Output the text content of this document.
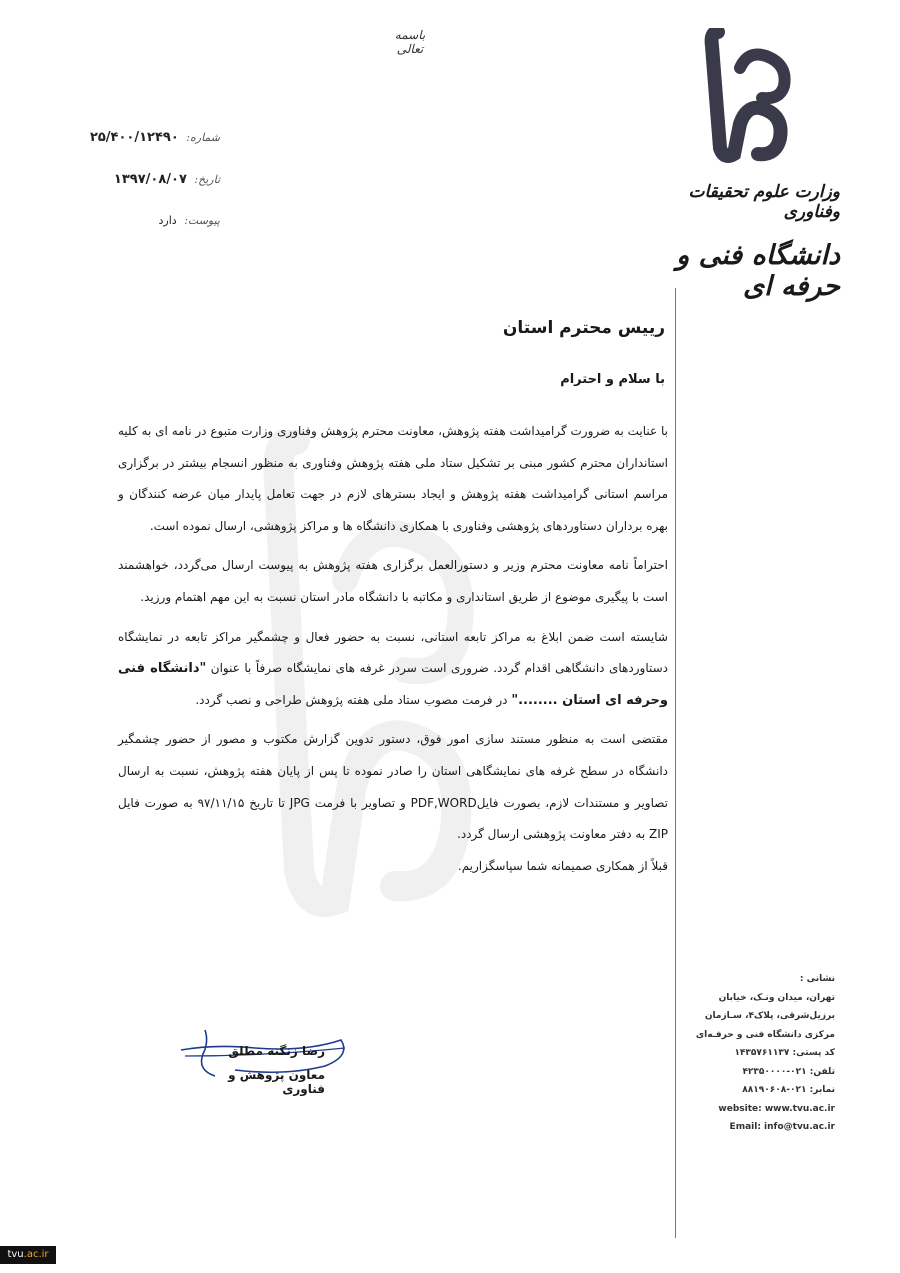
باسمه تعالی
شماره: ۲۵/۴۰۰/۱۲۴۹۰
تاریخ: ۱۳۹۷/۰۸/۰۷
پیوست: دارد
وزارت علوم تحقیقات وفناوری
دانشگاه فنی و حرفه ای
رییس محترم استان
با سلام و احترام

با عنایت به ضرورت گرامیداشت هفته پژوهش، معاونت محترم پژوهش وفناوری وزارت متبوع در نامه ای به کلیه استانداران محترم کشور مبنی بر تشکیل ستاد ملی هفته پژوهش وفناوری به منظور انسجام بیشتر در برگزاری مراسم استانی گرامیداشت هفته پژوهش و ایجاد بسترهای لازم در جهت تعامل پایدار میان عرضه کنندگان و بهره برداران دستاوردهای پژوهشی وفناوری با همکاری دانشگاه ها و مراکز پژوهشی، ارسال نموده است.

احتراماً نامه معاونت محترم وزیر و دستورالعمل برگزاری هفته پژوهش به پیوست ارسال می‌گردد، خواهشمند است با پیگیری موضوع از طریق استانداری و مکاتبه با دانشگاه مادر استان نسبت به این مهم اهتمام ورزید.

شایسته است ضمن ابلاغ به مراکز تابعه استانی، نسبت به حضور فعال و چشمگیر مراکز تابعه در نمایشگاه دستاوردهای دانشگاهی اقدام گردد. ضروری است سردر غرفه های نمایشگاه صرفاً با عنوان "دانشگاه فنی وحرفه ای استان ........" در فرمت مصوب ستاد ملی هفته پژوهش طراحی و نصب گردد.

مقتضی است به منظور مستند سازی امور فوق، دستور تدوین گزارش مکتوب و مصور از حضور چشمگیر دانشگاه در سطح غرفه های نمایشگاهی استان را صادر نموده تا پس از پایان هفته پژوهش، نسبت به ارسال تصاویر و مستندات لازم، بصورت فایلPDF,WORD و تصاویر با فرمت JPG تا تاریخ ۹۷/۱۱/۱۵ به صورت فایل ZIP به دفتر معاونت پژوهشی ارسال گردد.

قبلاً از همکاری صمیمانه شما سپاسگزاریم.

رضا زنگنه مطلق
معاون پژوهش و فناوری
نشانی :
تهران، میدان ونـک، خیابان
برزیل‌شرقی، پلاک۴، سـازمان
مرکزی دانشگاه فنی و حرفـه‌ای
کد پستی: ۱۴۳۵۷۶۱۱۳۷
تلفن: ۰۲۱-۴۲۳۵۰۰۰۰
نمابر: ۰۲۱-۸۸۱۹۰۶۰۸
website: www.tvu.ac.ir
Email: info@tvu.ac.ir
tvu.ac.ir
